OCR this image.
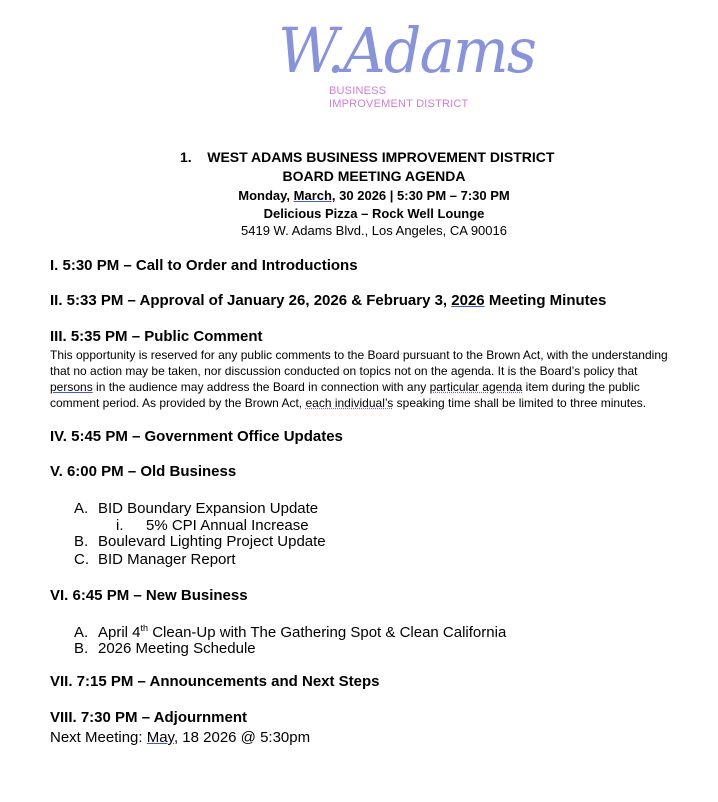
W.Adams
BUSINESS
IMPROVEMENT DISTRICT
1. WEST ADAMS BUSINESS IMPROVEMENT DISTRICT
BOARD MEETING AGENDA
Monday, March, 30 2026 | 5:30 PM – 7:30 PM
Delicious Pizza – Rock Well Lounge
5419 W. Adams Blvd., Los Angeles, CA 90016
I. 5:30 PM – Call to Order and Introductions
II. 5:33 PM – Approval of January 26, 2026 & February 3, 2026 Meeting Minutes
III. 5:35 PM – Public Comment
This opportunity is reserved for any public comments to the Board pursuant to the Brown Act, with the understanding
that no action may be taken, nor discussion conducted on topics not on the agenda. It is the Board’s policy that
persons in the audience may address the Board in connection with any particular agenda item during the public
comment period. As provided by the Brown Act, each individual’s speaking time shall be limited to three minutes.
IV. 5:45 PM – Government Office Updates
V. 6:00 PM – Old Business
A. BID Boundary Expansion Update
i. 5% CPI Annual Increase
B. Boulevard Lighting Project Update
C. BID Manager Report
VI. 6:45 PM – New Business
A. April 4th Clean-Up with The Gathering Spot & Clean California
B. 2026 Meeting Schedule
VII. 7:15 PM – Announcements and Next Steps
VIII. 7:30 PM – Adjournment
Next Meeting: May, 18 2026 @ 5:30pm
